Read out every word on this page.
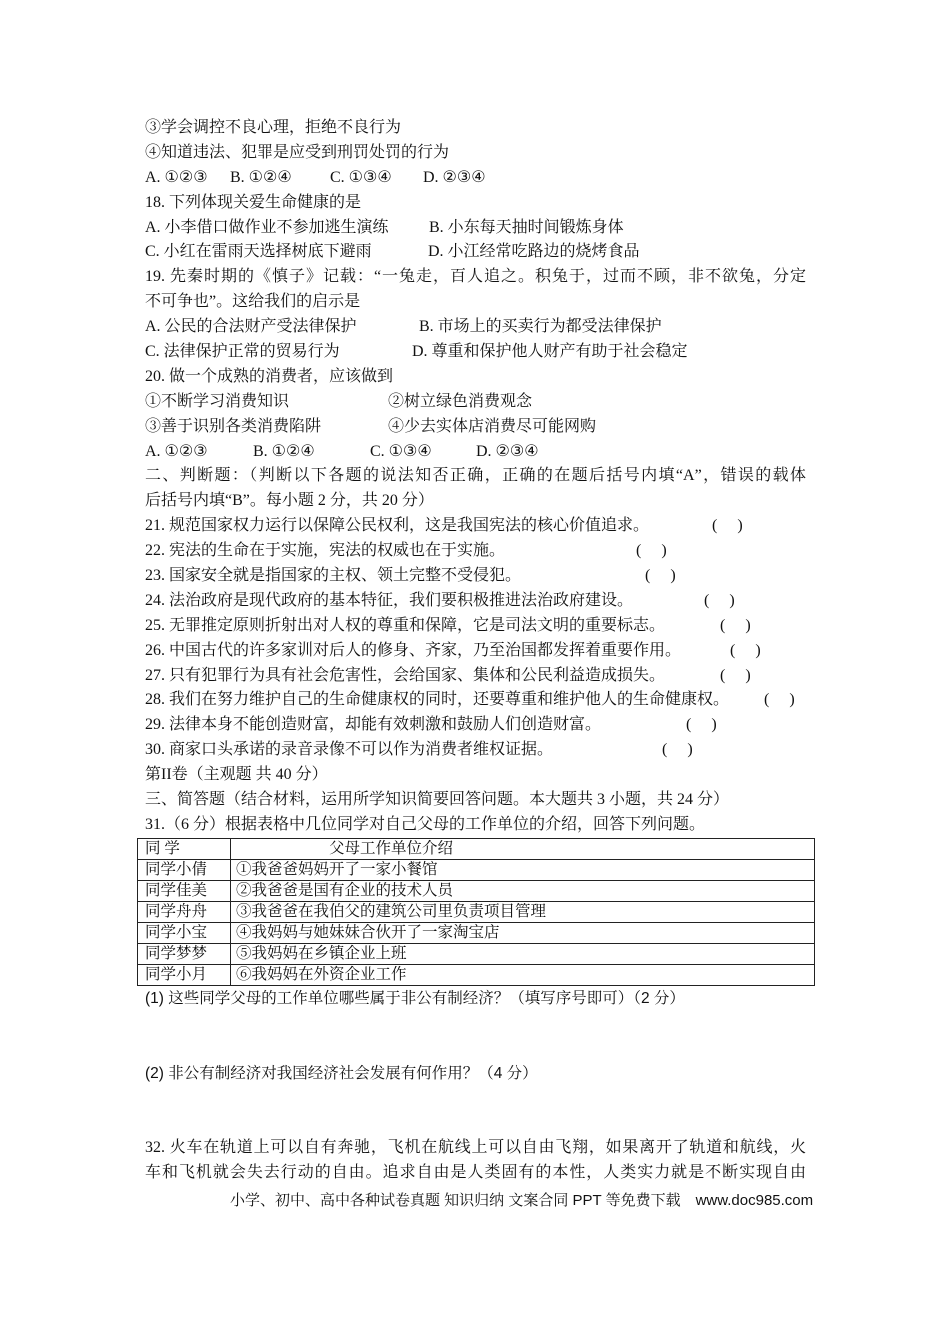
③学会调控不良心理，拒绝不良行为
④知道违法、犯罪是应受到刑罚处罚的行为
A. ①②③ B. ①②④ C. ①③④ D. ②③④
18. 下列体现关爱生命健康的是
A. 小李借口做作业不参加逃生演练	B. 小东每天抽时间锻炼身体
C. 小红在雷雨天选择树底下避雨	D. 小江经常吃路边的烧烤食品
19. 先秦时期的《慎子》记载：“一兔走，百人追之。积兔于，过而不顾，非不欲兔，分定
不可争也”。这给我们的启示是
A. 公民的合法财产受法律保护	B. 市场上的买卖行为都受法律保护
C. 法律保护正常的贸易行为	D. 尊重和保护他人财产有助于社会稳定
20. 做一个成熟的消费者，应该做到
①不断学习消费知识	②树立绿色消费观念
③善于识别各类消费陷阱	④少去实体店消费尽可能网购
A. ①②③	B. ①②④	C. ①③④	D. ②③④
二、判断题：（判断以下各题的说法知否正确，正确的在题后括号内填“A”，错误的载体
后括号内填“B”。每小题 2 分，共 20 分）
21. 规范国家权力运行以保障公民权利，这是我国宪法的核心价值追求。	(　 )
22. 宪法的生命在于实施，宪法的权威也在于实施。	(　 )
23. 国家安全就是指国家的主权、领土完整不受侵犯。	(　 )
24. 法治政府是现代政府的基本特征，我们要积极推进法治政府建设。	(　 )
25. 无罪推定原则折射出对人权的尊重和保障，它是司法文明的重要标志。	(　 )
26. 中国古代的许多家训对后人的修身、齐家，乃至治国都发挥着重要作用。	(　 )
27. 只有犯罪行为具有社会危害性，会给国家、集体和公民利益造成损失。	(　 )
28. 我们在努力维护自己的生命健康权的同时，还要尊重和维护他人的生命健康权。 (　 )
29. 法律本身不能创造财富，却能有效刺激和鼓励人们创造财富。	(　 )
30. 商家口头承诺的录音录像不可以作为消费者维权证据。	(　 )
第II卷（主观题 共 40 分）
三、简答题（结合材料，运用所学知识简要回答问题。本大题共 3 小题，共 24 分）
31.（6 分）根据表格中几位同学对自己父母的工作单位的介绍，回答下列问题。
同 学	父母工作单位介绍
同学小倩	①我爸爸妈妈开了一家小餐馆
同学佳美	②我爸爸是国有企业的技术人员
同学舟舟	③我爸爸在我伯父的建筑公司里负责项目管理
同学小宝	④我妈妈与她妹妹合伙开了一家淘宝店
同学梦梦	⑤我妈妈在乡镇企业上班
同学小月	⑥我妈妈在外资企业工作
(1) 这些同学父母的工作单位哪些属于非公有制经济？（填写序号即可）（2 分）
(2) 非公有制经济对我国经济社会发展有何作用？（4 分）
32. 火车在轨道上可以自有奔驰，飞机在航线上可以自由飞翔，如果离开了轨道和航线，火
车和飞机就会失去行动的自由。追求自由是人类固有的本性，人类实力就是不断实现自由
小学、初中、高中各种试卷真题 知识归纳 文案合同 PPT 等免费下载　www.doc985.com
